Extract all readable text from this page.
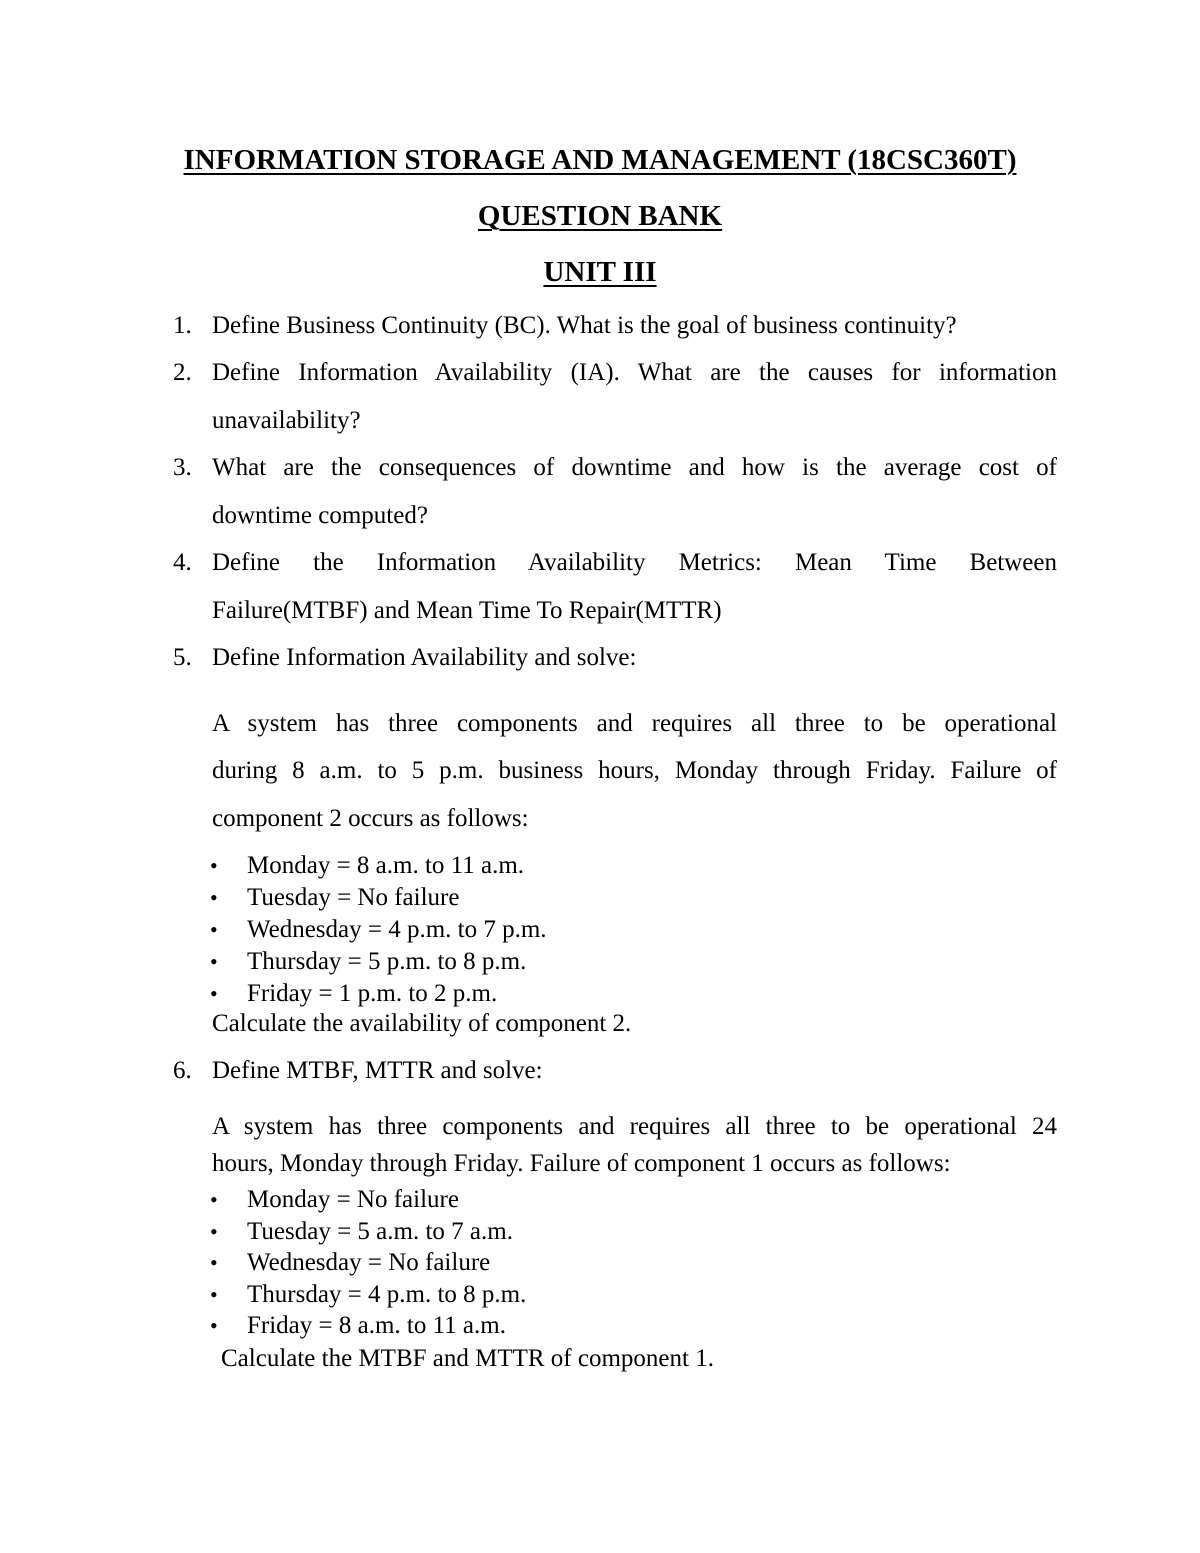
INFORMATION STORAGE AND MANAGEMENT (18CSC360T)
QUESTION BANK
UNIT III
1. Define Business Continuity (BC). What is the goal of business continuity?
2. Define Information Availability (IA). What are the causes for information
unavailability?
3. What are the consequences of downtime and how is the average cost of
downtime computed?
4. Define the Information Availability Metrics: Mean Time Between
Failure(MTBF) and Mean Time To Repair(MTTR)
5. Define Information Availability and solve:
A system has three components and requires all three to be operational
during 8 a.m. to 5 p.m. business hours, Monday through Friday. Failure of
component 2 occurs as follows:
• Monday = 8 a.m. to 11 a.m.
• Tuesday = No failure
• Wednesday = 4 p.m. to 7 p.m.
• Thursday = 5 p.m. to 8 p.m.
• Friday = 1 p.m. to 2 p.m.
Calculate the availability of component 2.
6. Define MTBF, MTTR and solve:
A system has three components and requires all three to be operational 24
hours, Monday through Friday. Failure of component 1 occurs as follows:
• Monday = No failure
• Tuesday = 5 a.m. to 7 a.m.
• Wednesday = No failure
• Thursday = 4 p.m. to 8 p.m.
• Friday = 8 a.m. to 11 a.m.
Calculate the MTBF and MTTR of component 1.
